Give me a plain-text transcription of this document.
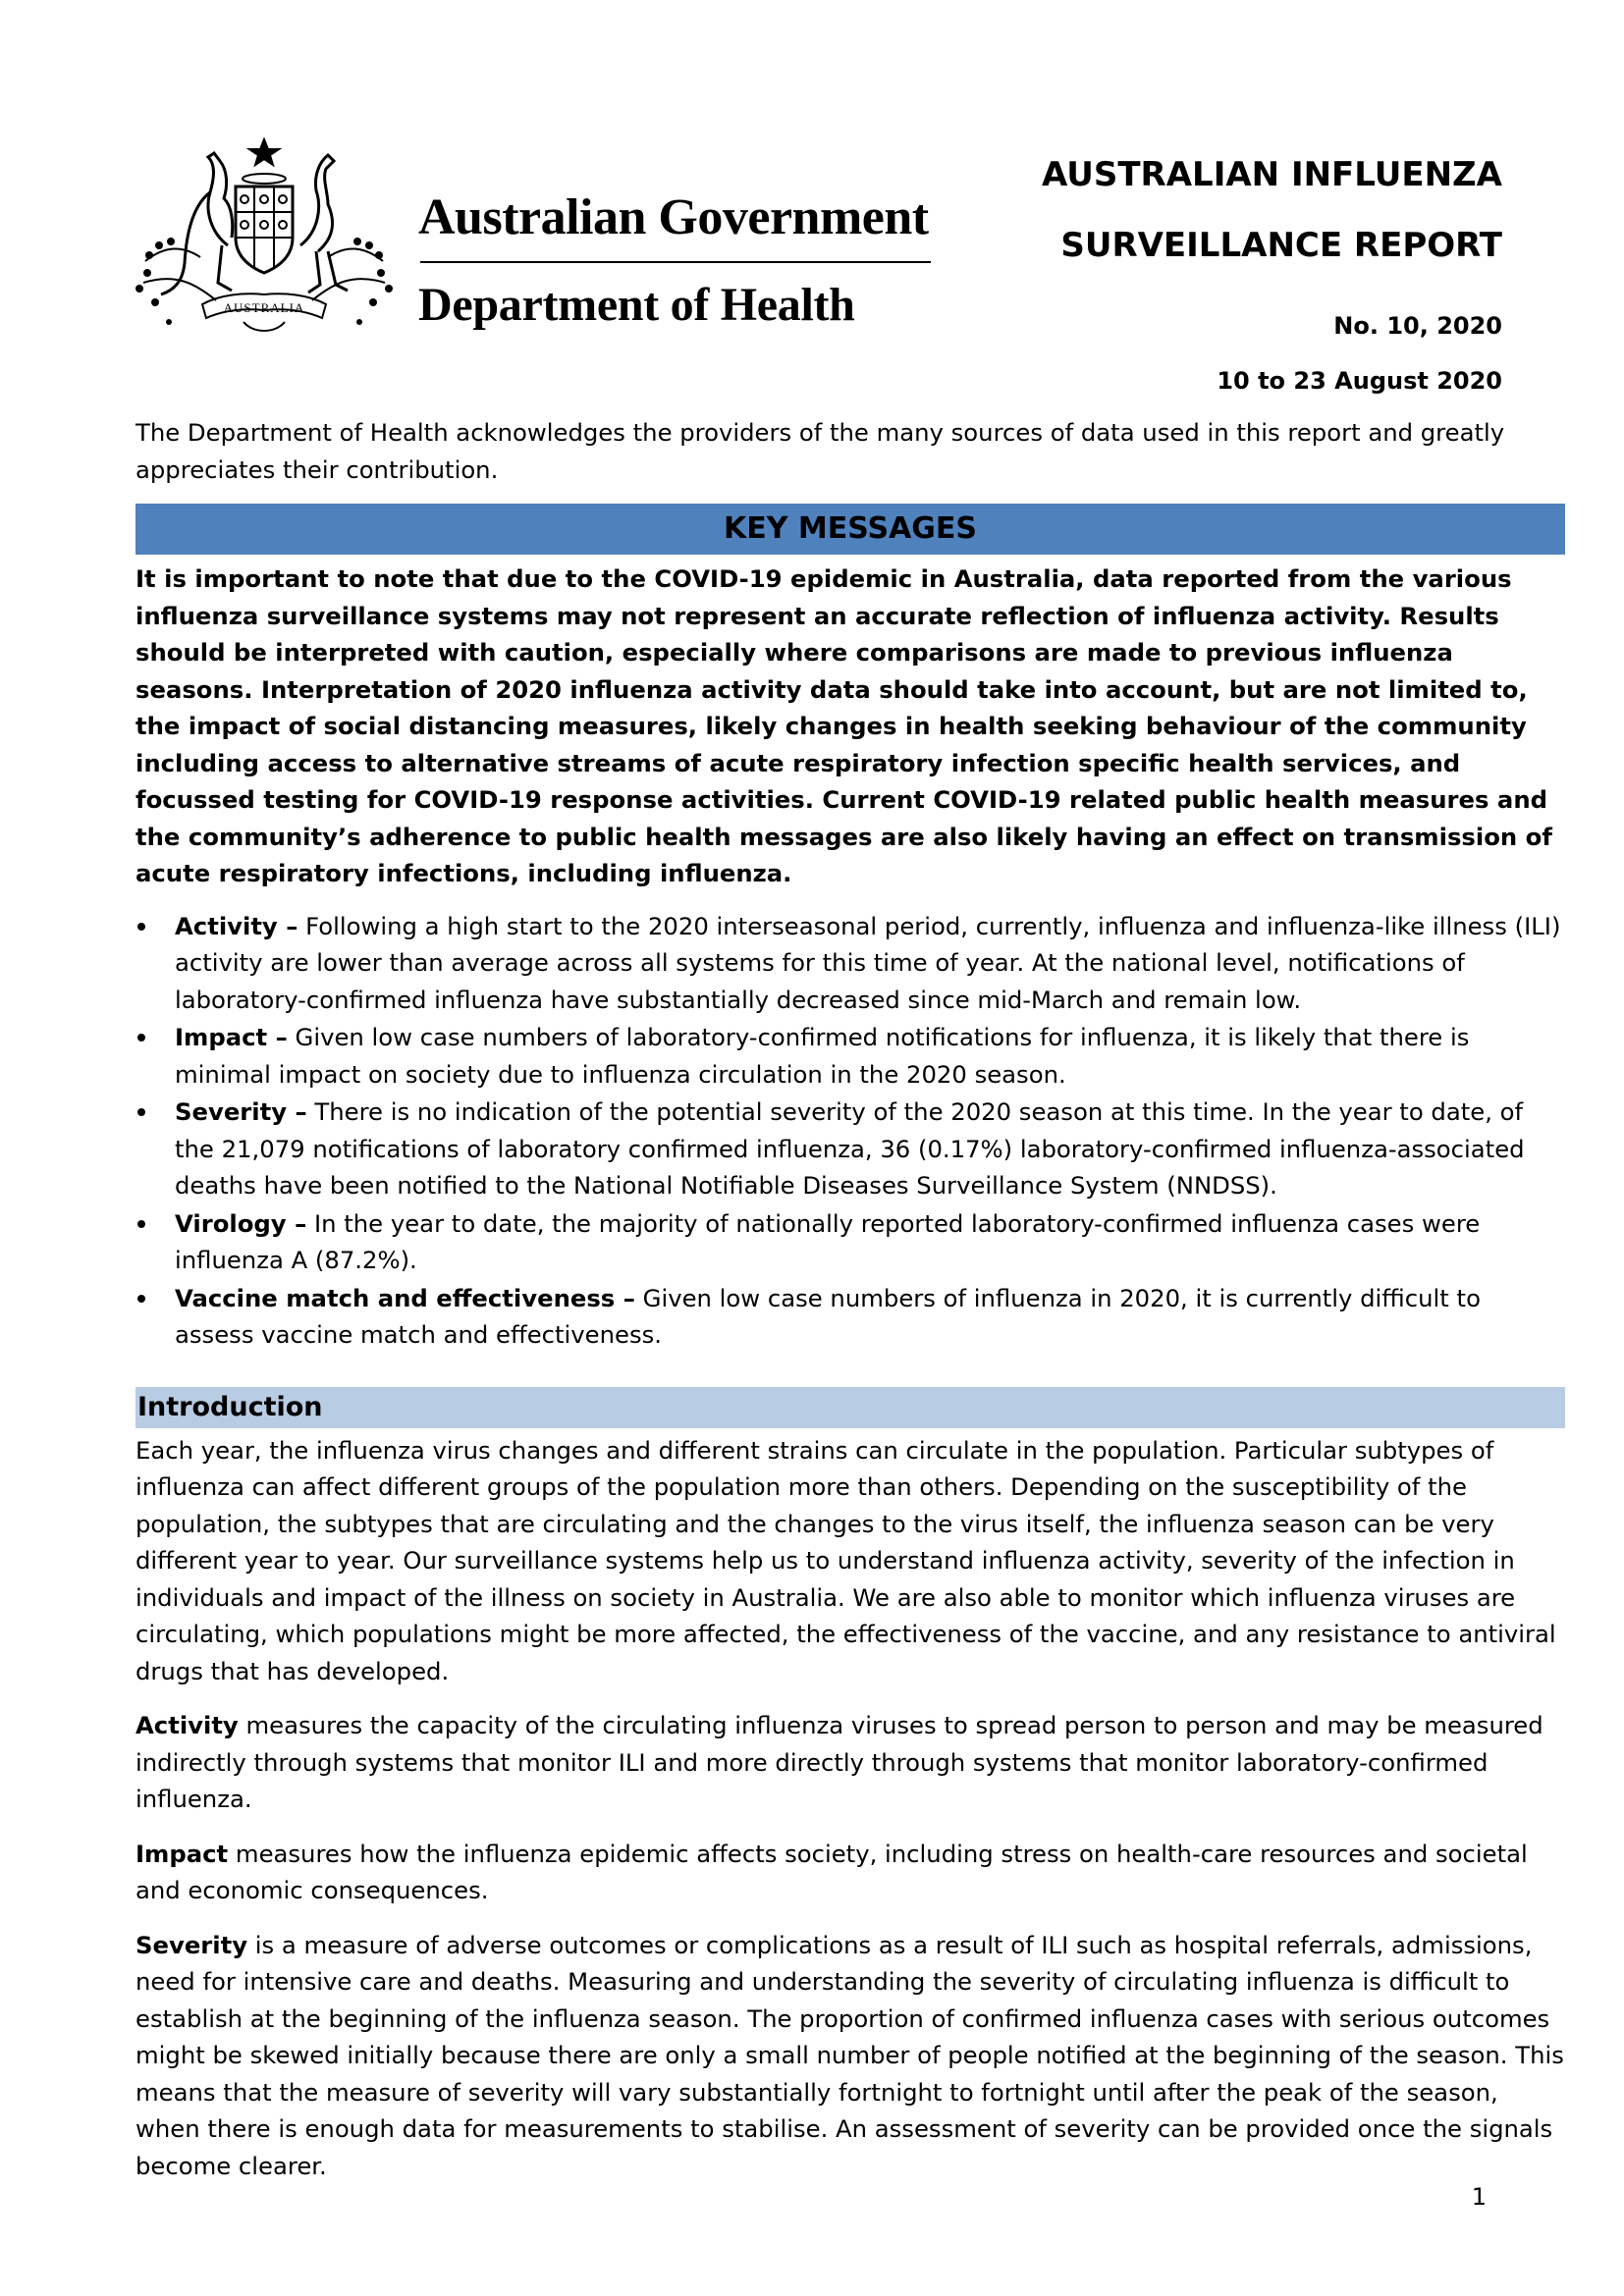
AUSTRALIA
Australian Government
Department of Health
AUSTRALIAN INFLUENZA
SURVEILLANCE REPORT
No. 10, 2020
10 to 23 August 2020

The Department of Health acknowledges the providers of the many sources of data used in this report and greatly appreciates their contribution.

KEY MESSAGES
It is important to note that due to the COVID-19 epidemic in Australia, data reported from the various influenza surveillance systems may not represent an accurate reflection of influenza activity. Results should be interpreted with caution, especially where comparisons are made to previous influenza seasons. Interpretation of 2020 influenza activity data should take into account, but are not limited to, the impact of social distancing measures, likely changes in health seeking behaviour of the community including access to alternative streams of acute respiratory infection specific health services, and focussed testing for COVID-19 response activities. Current COVID-19 related public health measures and the community’s adherence to public health messages are also likely having an effect on transmission of acute respiratory infections, including influenza.
Activity – Following a high start to the 2020 interseasonal period, currently, influenza and influenza-like illness (ILI) activity are lower than average across all systems for this time of year. At the national level, notifications of laboratory-confirmed influenza have substantially decreased since mid-March and remain low.
Impact – Given low case numbers of laboratory-confirmed notifications for influenza, it is likely that there is minimal impact on society due to influenza circulation in the 2020 season.
Severity – There is no indication of the potential severity of the 2020 season at this time. In the year to date, of the 21,079 notifications of laboratory confirmed influenza, 36 (0.17%) laboratory-confirmed influenza-associated deaths have been notified to the National Notifiable Diseases Surveillance System (NNDSS).
Virology – In the year to date, the majority of nationally reported laboratory-confirmed influenza cases were influenza A (87.2%).
Vaccine match and effectiveness – Given low case numbers of influenza in 2020, it is currently difficult to assess vaccine match and effectiveness.
Introduction

Each year, the influenza virus changes and different strains can circulate in the population. Particular subtypes of influenza can affect different groups of the population more than others. Depending on the susceptibility of the population, the subtypes that are circulating and the changes to the virus itself, the influenza season can be very different year to year. Our surveillance systems help us to understand influenza activity, severity of the infection in individuals and impact of the illness on society in Australia. We are also able to monitor which influenza viruses are circulating, which populations might be more affected, the effectiveness of the vaccine, and any resistance to antiviral drugs that has developed.

Activity measures the capacity of the circulating influenza viruses to spread person to person and may be measured indirectly through systems that monitor ILI and more directly through systems that monitor laboratory-confirmed influenza.

Impact measures how the influenza epidemic affects society, including stress on health-care resources and societal and economic consequences.

Severity is a measure of adverse outcomes or complications as a result of ILI such as hospital referrals, admissions, need for intensive care and deaths. Measuring and understanding the severity of circulating influenza is difficult to establish at the beginning of the influenza season. The proportion of confirmed influenza cases with serious outcomes might be skewed initially because there are only a small number of people notified at the beginning of the season. This means that the measure of severity will vary substantially fortnight to fortnight until after the peak of the season, when there is enough data for measurements to stabilise. An assessment of severity can be provided once the signals become clearer.

1
